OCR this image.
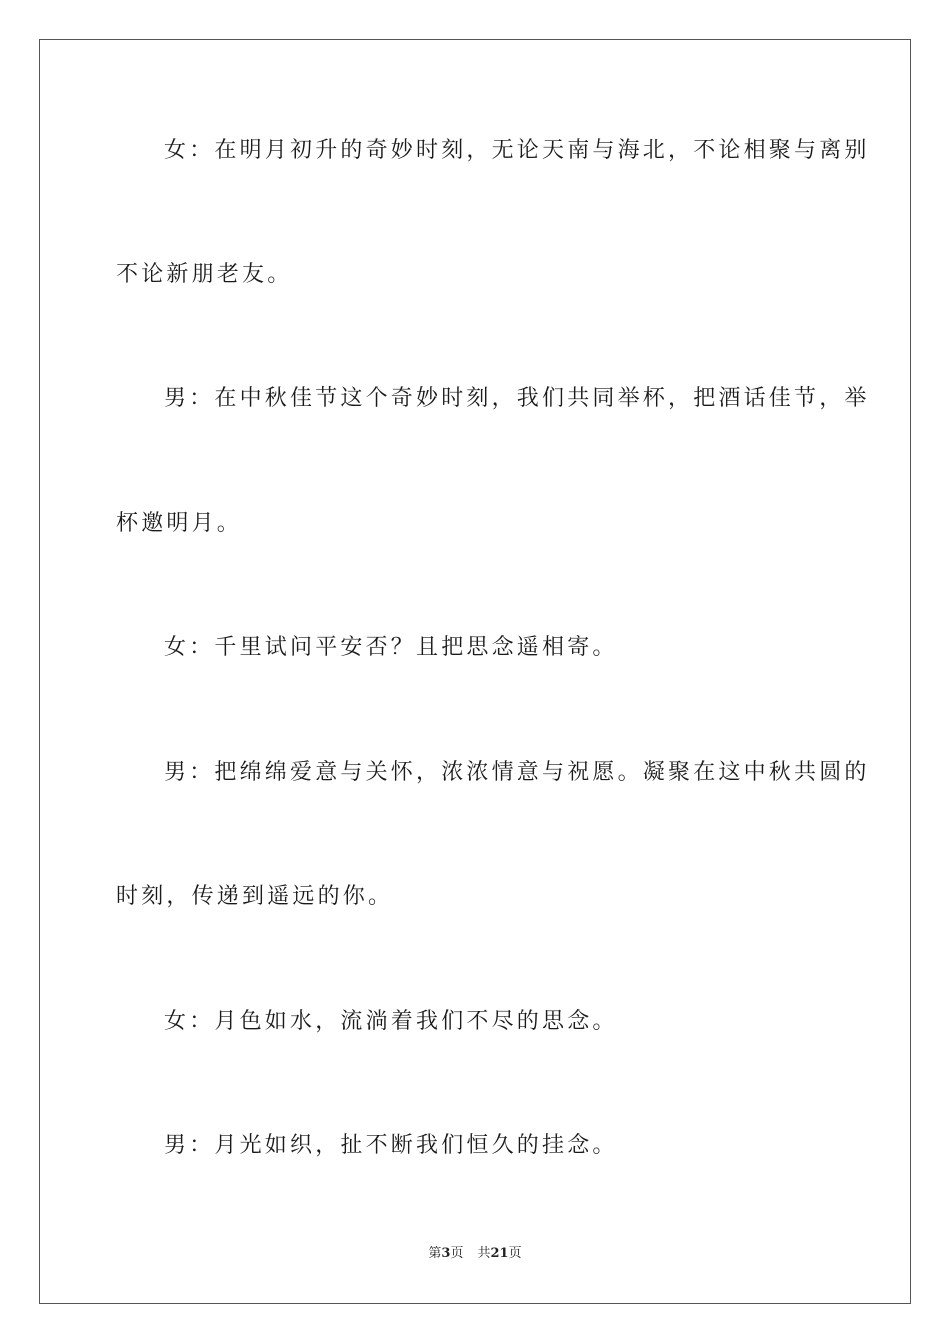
女：在明月初升的奇妙时刻，无论天南与海北，不论相聚与离别
不论新朋老友。
男：在中秋佳节这个奇妙时刻，我们共同举杯，把酒话佳节，举
杯邀明月。
女：千里试问平安否？且把思念遥相寄。
男：把绵绵爱意与关怀，浓浓情意与祝愿。凝聚在这中秋共圆的
时刻，传递到遥远的你。
女：月色如水，流淌着我们不尽的思念。
男：月光如织，扯不断我们恒久的挂念。
第3页 共21页
